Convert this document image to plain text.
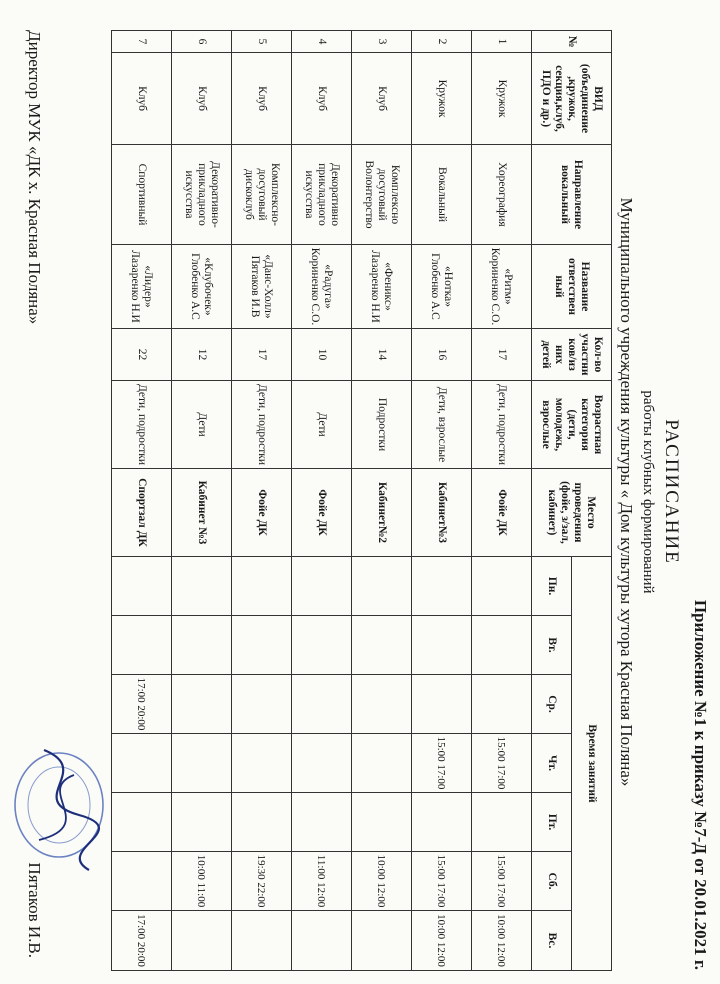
Приложение №1 к приказу №7-Д от 20.01.2021 г.
РАСПИСАНИЕ
работы клубных формирований
Муниципального учреждения культуры « Дом культуры хутора Красная Поляна»
№	ВИД (объединение ,кружок, секция,клуб, ПДО и др.)	Направление вокальный	Название ответствен ный	Кол-во участни ков/из них детей	Возрастная категория (дети, молодежь, взрослые	Место проведения (фойе, з/зал, кабинет)	Время занятий						
							Пн.	Вт.	Ср.	Чт.	Пт.	Сб.	Вс.
1	Кружок	Хореография	«Ритм» Кориненко С.О.	17	Дети, подростки	Фойе ДК				15:00 17:00		15:00 17:00	10:00 12:00
2	Кружок	Вокальный	«Нотка» Глобенко А.С	16	Дети, взрослые	Кабинет№3				15:00 17:00		15:00 17:00	10:00 12:00
3	Клуб	Комплексно досуговый Волонтерство	«Феникс» Лазаренко Н.И	14	Подростки	Кабинет№2						10:00 12:00	
4	Клуб	Декоративно прикладного искусства	«Радуга» Кориненко С.О.	10	Дети	Фойе ДК						11:00 12:00	
5	Клуб	Комплексно-досуговый дискоклуб	«Данс-Холл» Пятаков И.В	17	Дети, подростки	Фойе ДК						19:30 22:00	
6	Клуб	Декоративно-прикладного искусства	«Клубочек» Глобенко А.С	12	Дети	Кабинет №3						10:00 11:00	
7	Клуб	Спортивный	«Лидер» Лазаренко Н.И	22	Дети, подростки	Спортзал ДК			17:00 20:00				17:00 20:00
Директор МУК «ДК х. Красная Поляна»
Пятаков И.В.
